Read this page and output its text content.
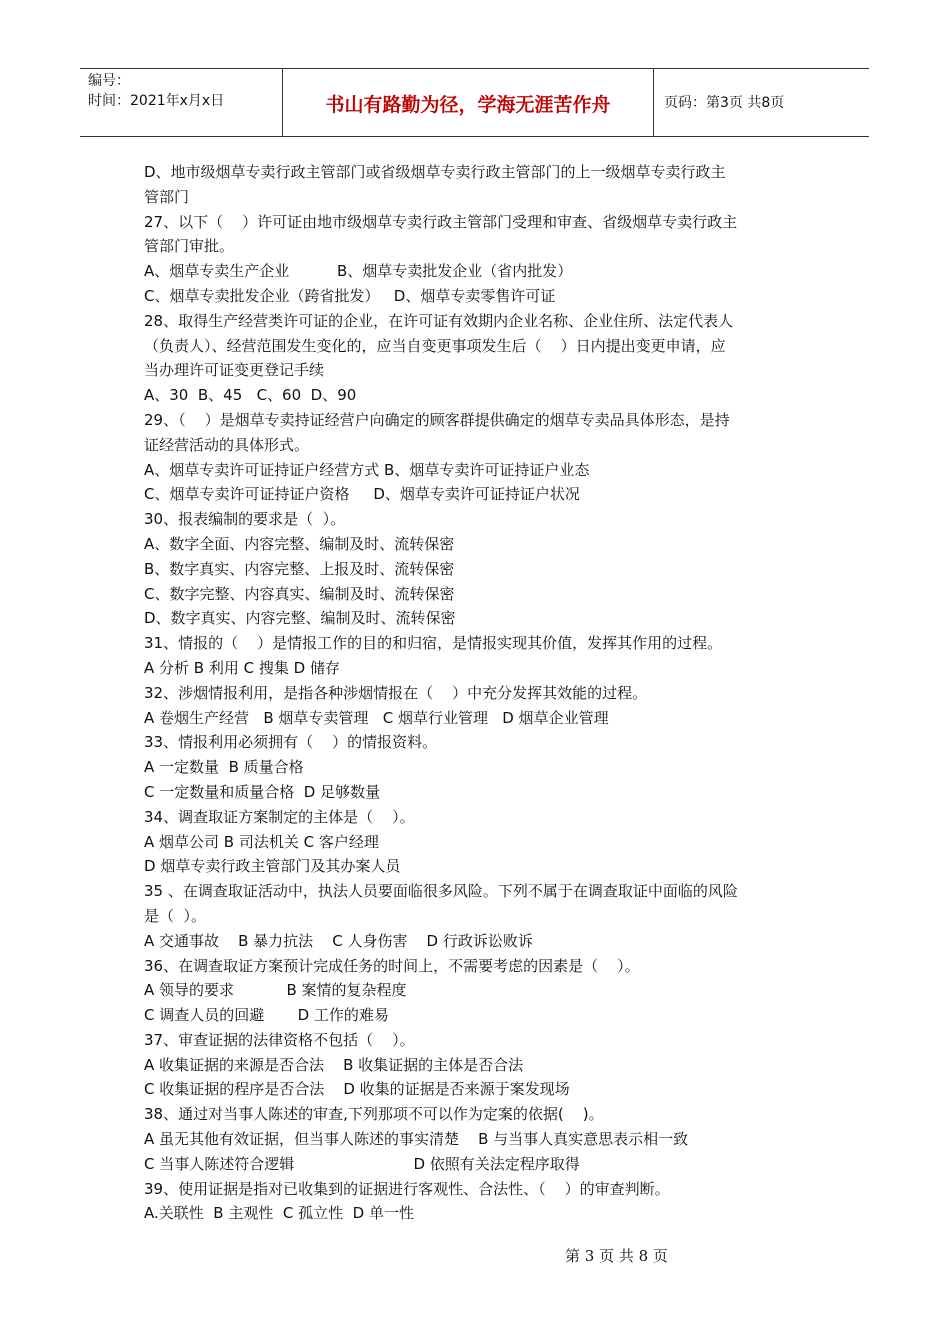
编号：
时间：2021年x月x日	书山有路勤为径，学海无涯苦作舟	页码：第3页 共8页
D、地市级烟草专卖行政主管部门或省级烟草专卖行政主管部门的上一级烟草专卖行政主
管部门
27、以下（    ）许可证由地市级烟草专卖行政主管部门受理和审查、省级烟草专卖行政主
管部门审批。
A、烟草专卖生产企业          B、烟草专卖批发企业（省内批发）
C、烟草专卖批发企业（跨省批发）   D、烟草专卖零售许可证
28、取得生产经营类许可证的企业，在许可证有效期内企业名称、企业住所、法定代表人
（负责人）、经营范围发生变化的，应当自变更事项发生后（    ）日内提出变更申请，应
当办理许可证变更登记手续
A、30  B、45   C、60  D、90
29、（    ）是烟草专卖持证经营户向确定的顾客群提供确定的烟草专卖品具体形态，是持
证经营活动的具体形式。
A、烟草专卖许可证持证户经营方式 B、烟草专卖许可证持证户业态
C、烟草专卖许可证持证户资格     D、烟草专卖许可证持证户状况
30、报表编制的要求是（  ）。
A、数字全面、内容完整、编制及时、流转保密
B、数字真实、内容完整、上报及时、流转保密
C、数字完整、内容真实、编制及时、流转保密
D、数字真实、内容完整、编制及时、流转保密
31、情报的（    ）是情报工作的目的和归宿，是情报实现其价值，发挥其作用的过程。
A 分析 B 利用 C 搜集 D 储存
32、涉烟情报利用，是指各种涉烟情报在（    ）中充分发挥其效能的过程。
A 卷烟生产经营   B 烟草专卖管理   C 烟草行业管理   D 烟草企业管理
33、情报利用必须拥有（    ）的情报资料。
A 一定数量  B 质量合格
C 一定数量和质量合格  D 足够数量
34、调查取证方案制定的主体是（    ）。
A 烟草公司 B 司法机关 C 客户经理
D 烟草专卖行政主管部门及其办案人员
35 、在调查取证活动中，执法人员要面临很多风险。下列不属于在调查取证中面临的风险
是（  ）。
A 交通事故    B 暴力抗法    C 人身伤害    D 行政诉讼败诉
36、在调查取证方案预计完成任务的时间上，不需要考虑的因素是（    ）。
A 领导的要求           B 案情的复杂程度
C 调查人员的回避       D 工作的难易
37、审查证据的法律资格不包括（    ）。
A 收集证据的来源是否合法    B 收集证据的主体是否合法
C 收集证据的程序是否合法    D 收集的证据是否来源于案发现场
38、通过对当事人陈述的审查,下列那项不可以作为定案的依据(    )。
A 虽无其他有效证据，但当事人陈述的事实清楚    B 与当事人真实意思表示相一致
C 当事人陈述符合逻辑                         D 依照有关法定程序取得
39、使用证据是指对已收集到的证据进行客观性、合法性、（    ）的审查判断。
A.关联性  B 主观性  C 孤立性  D 单一性
第 3 页 共 8 页
